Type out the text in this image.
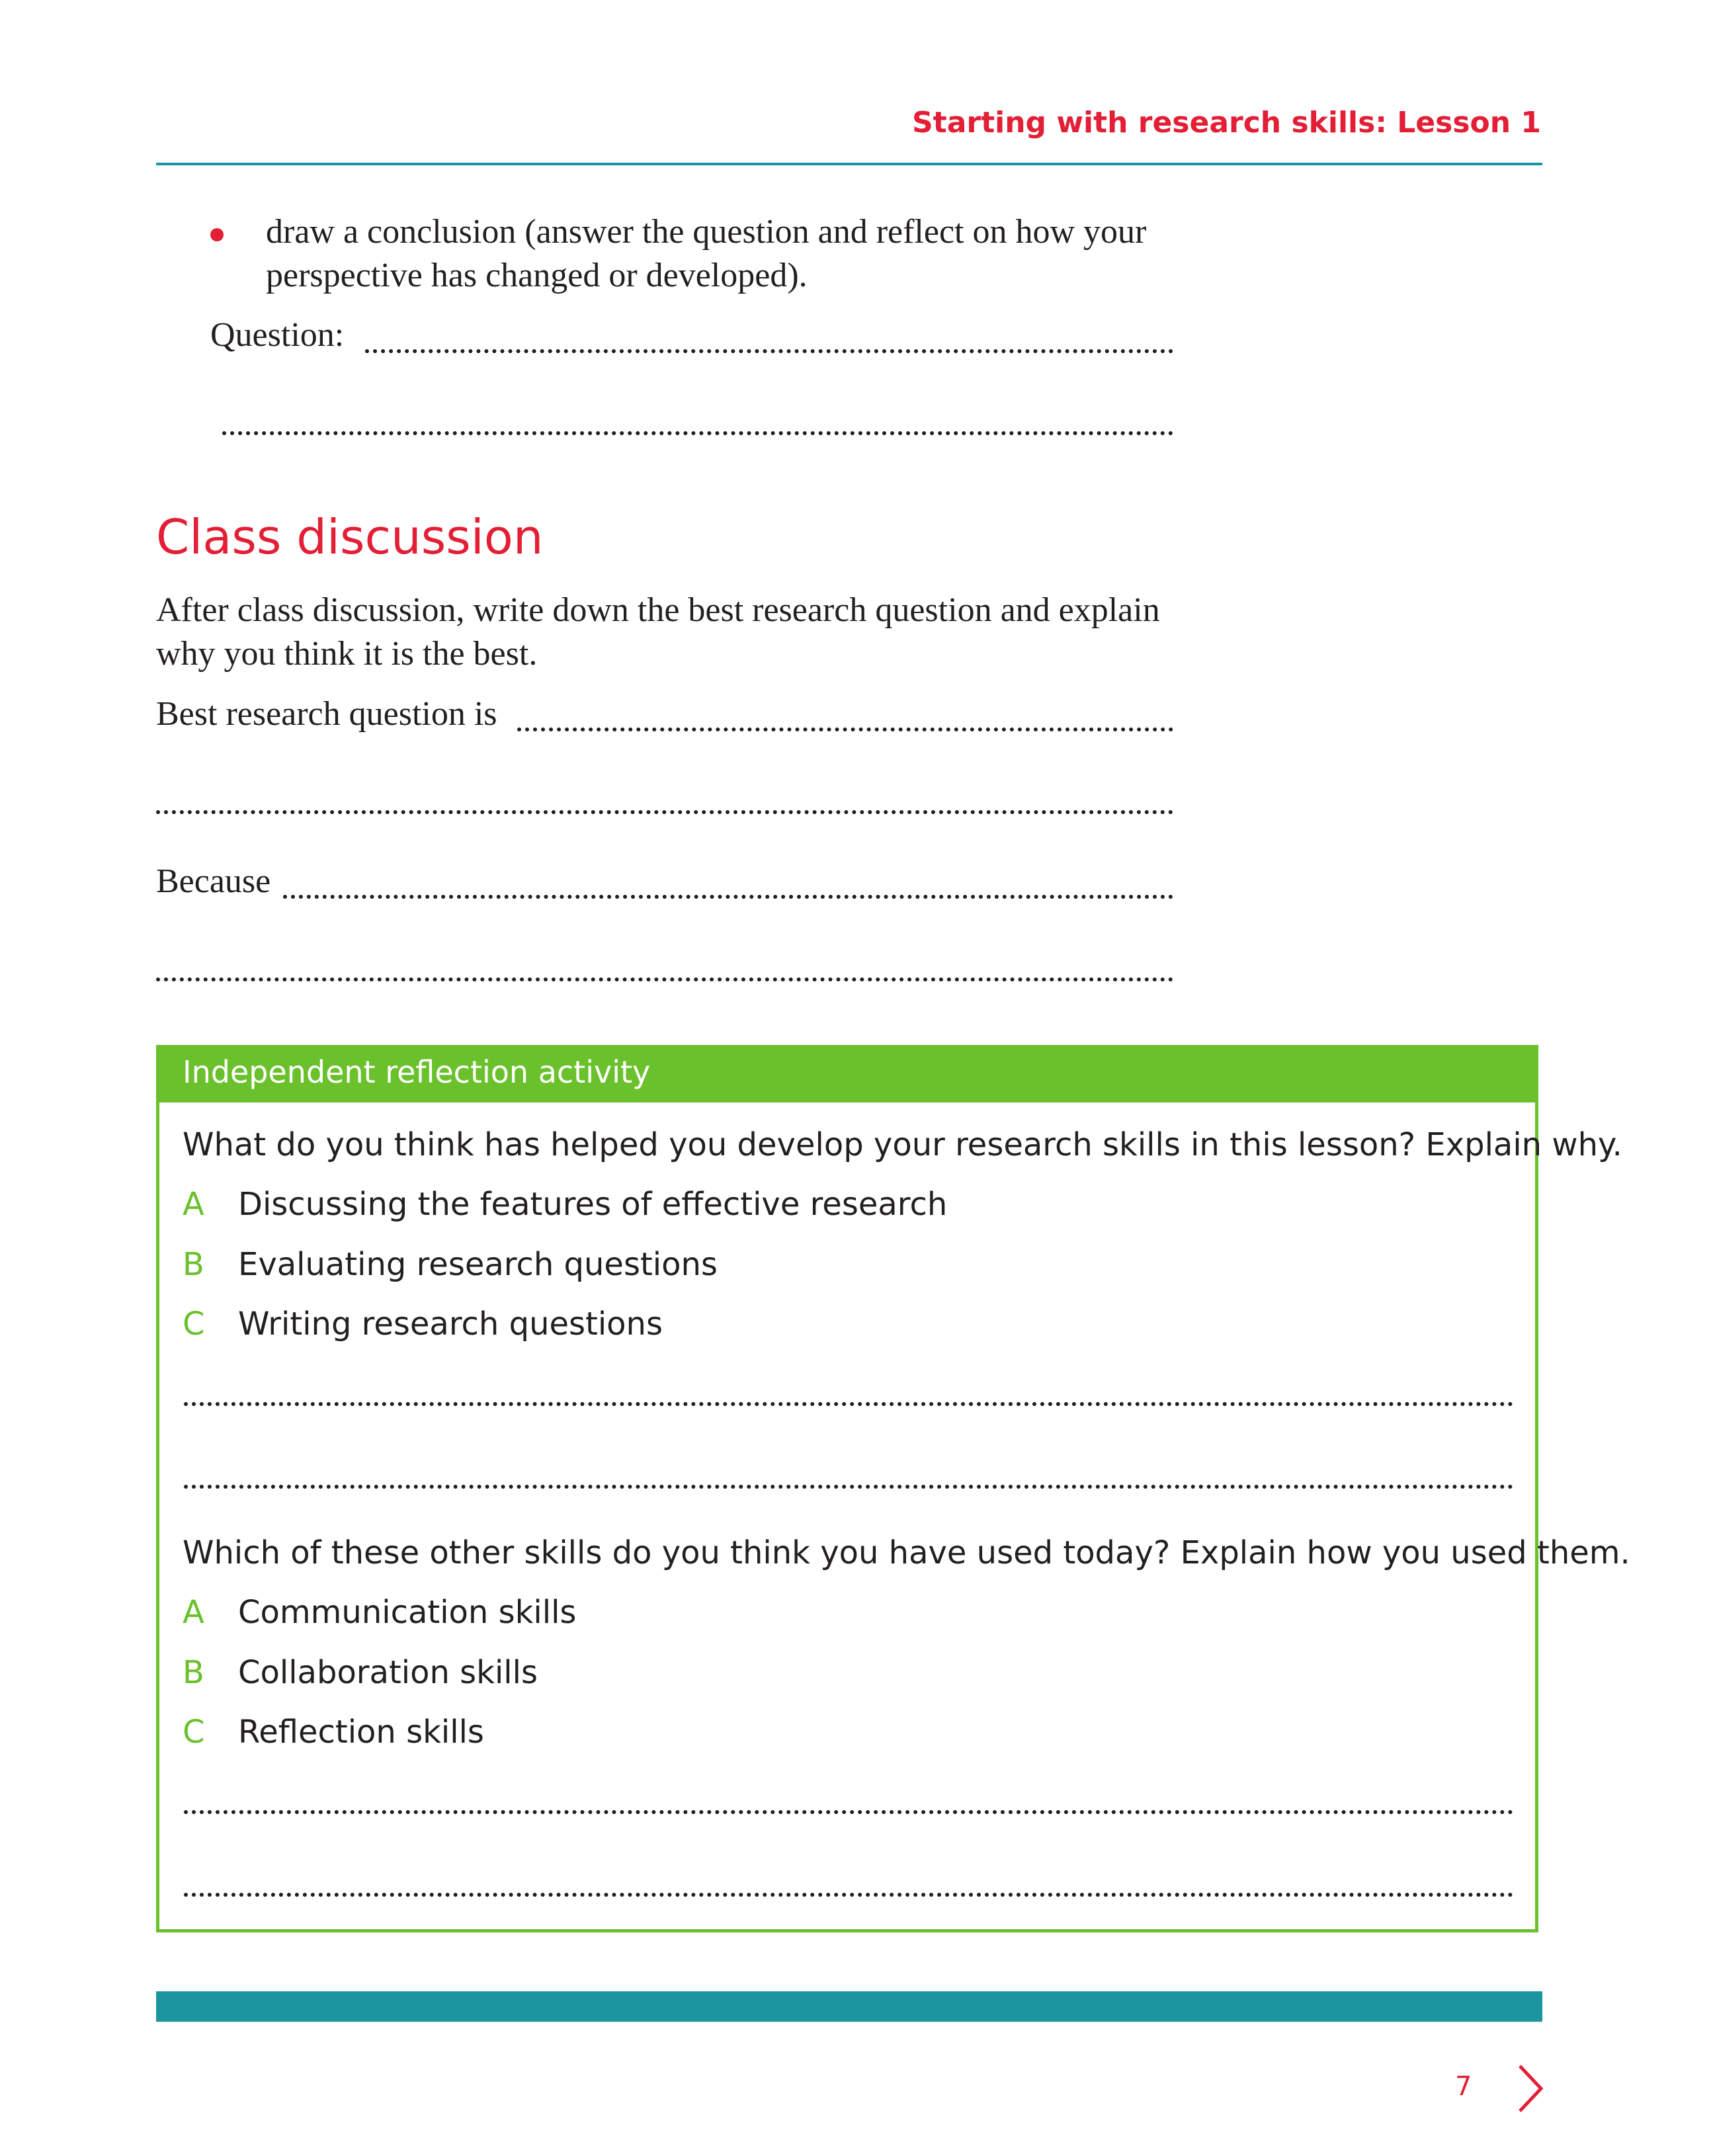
Starting with research skills: Lesson 1
draw a conclusion (answer the question and reflect on how your
perspective has changed or developed).
Question:
Class discussion
After class discussion, write down the best research question and explain
why you think it is the best.
Best research question is
Because
Independent reflection activity
What do you think has helped you develop your research skills in this lesson? Explain why.
A Discussing the features of effective research
B Evaluating research questions
C Writing research questions
Which of these other skills do you think you have used today? Explain how you used them.
A Communication skills
B Collaboration skills
C Reflection skills
7
